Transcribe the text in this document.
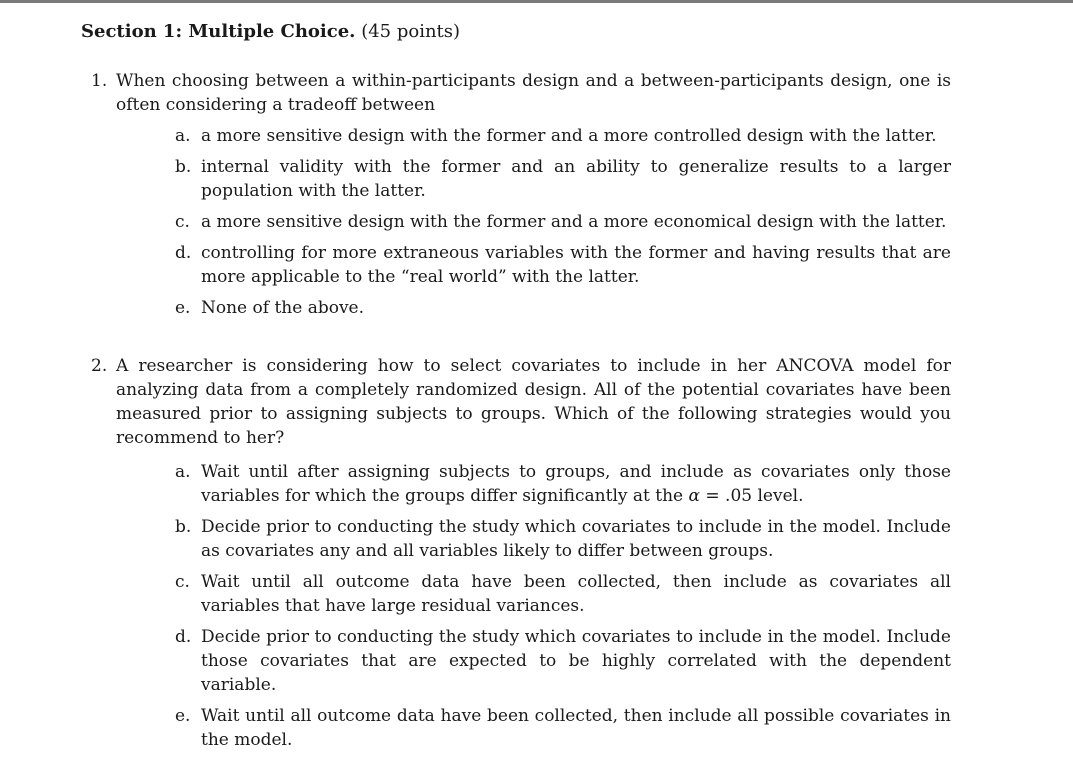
Section 1: Multiple Choice. (45 points)
1. When choosing between a within-participants design and a between-participants design, one is often considering a tradeoff between
a. a more sensitive design with the former and a more controlled design with the latter.
b. internal validity with the former and an ability to generalize results to a larger population with the latter.
c. a more sensitive design with the former and a more economical design with the latter.
d. controlling for more extraneous variables with the former and having results that are more applicable to the “real world” with the latter.
e. None of the above.
2. A researcher is considering how to select covariates to include in her ANCOVA model for analyzing data from a completely randomized design. All of the potential covariates have been measured prior to assigning subjects to groups. Which of the following strategies would you recommend to her?
a. Wait until after assigning subjects to groups, and include as covariates only those variables for which the groups differ significantly at the α = .05 level.
b. Decide prior to conducting the study which covariates to include in the model. Include as covariates any and all variables likely to differ between groups.
c. Wait until all outcome data have been collected, then include as covariates all variables that have large residual variances.
d. Decide prior to conducting the study which covariates to include in the model. Include those covariates that are expected to be highly correlated with the dependent variable.
e. Wait until all outcome data have been collected, then include all possible covariates in the model.
